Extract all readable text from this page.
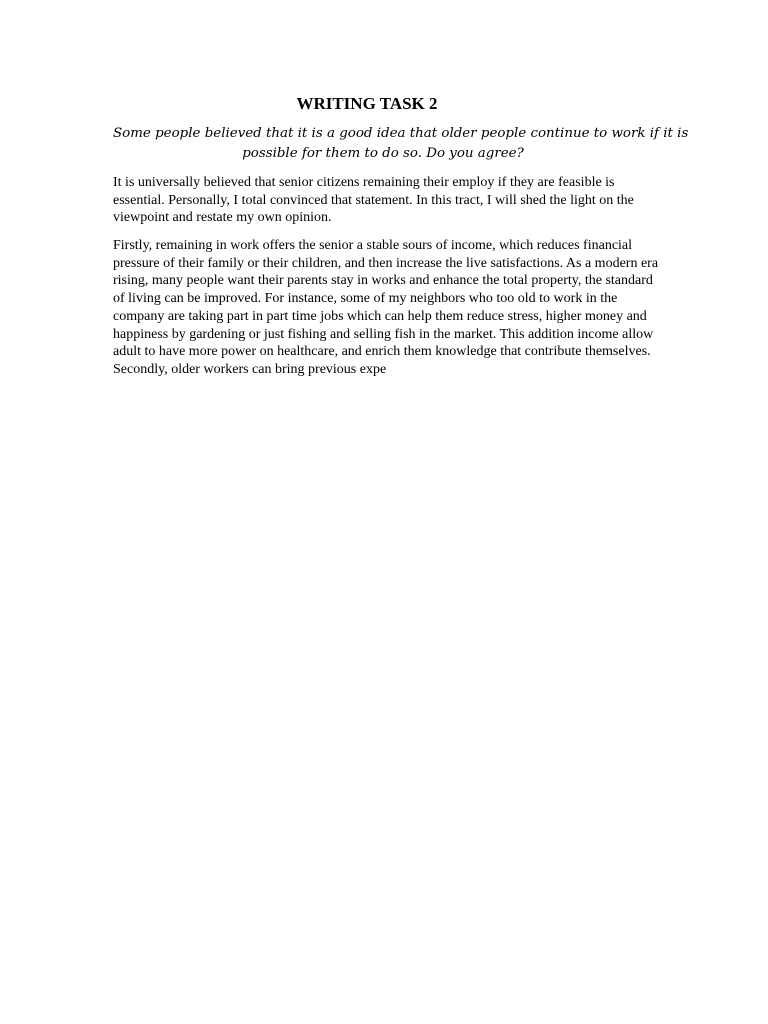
WRITING TASK 2
Some people believed that it is a good idea that older people continue to work if it is
possible for them to do so. Do you agree?
It is universally believed that senior citizens remaining their employ if they are feasible is
essential. Personally, I total convinced that statement. In this tract, I will shed the light on the
viewpoint and restate my own opinion.
Firstly, remaining in work offers the senior a stable sours of income, which reduces financial
pressure of their family or their children, and then increase the live satisfactions. As a modern era
rising, many people want their parents stay in works and enhance the total property, the standard
of living can be improved. For instance, some of my neighbors who too old to work in the
company are taking part in part time jobs which can help them reduce stress, higher money and
happiness by gardening or just fishing and selling fish in the market. This addition income allow
adult to have more power on healthcare, and enrich them knowledge that contribute themselves.
Secondly, older workers can bring previous expe
